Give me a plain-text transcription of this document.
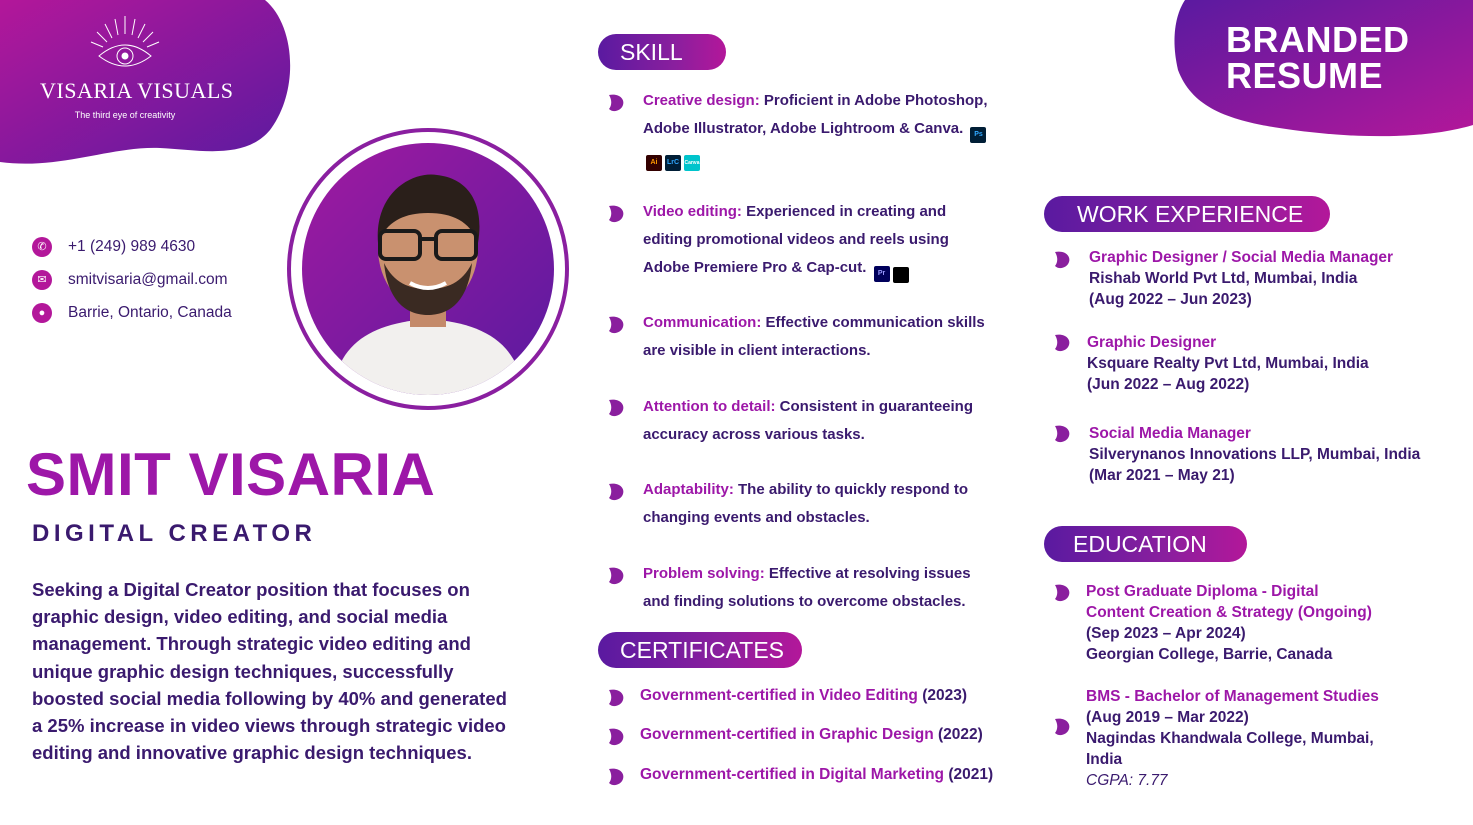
VISARIA VISUALS
The third eye of creativity
BRANDED
RESUME
✆	+1 (249) 989 4630
✉	smitvisaria@gmail.com
●	Barrie, Ontario, Canada
SMIT VISARIA
DIGITAL CREATOR
Seeking a Digital Creator position that focuses on graphic design, video editing, and social media management. Through strategic video editing and unique graphic design techniques, successfully boosted social media following by 40% and generated a 25% increase in video views through strategic video editing and innovative graphic design techniques.
SKILL
Creative design: Proficient in Adobe Photoshop, Adobe Illustrator, Adobe Lightroom & Canva. PsAi LrC Canva
Video editing: Experienced in creating and editing promotional videos and reels using Adobe Premiere Pro & Cap-cut. Pr
Communication: Effective communication skills are visible in client interactions.
Attention to detail: Consistent in guaranteeing accuracy across various tasks.
Adaptability: The ability to quickly respond to changing events and obstacles.
Problem solving: Effective at resolving issues and finding solutions to overcome obstacles.
CERTIFICATES
Government-certified in Video Editing (2023)
Government-certified in Graphic Design (2022)
Government-certified in Digital Marketing (2021)
WORK EXPERIENCE
Graphic Designer / Social Media Manager
Rishab World Pvt Ltd, Mumbai, India
(Aug 2022 – Jun 2023)
Graphic Designer
Ksquare Realty Pvt Ltd, Mumbai, India
(Jun 2022 – Aug 2022)
Social Media Manager
Silverynanos Innovations LLP, Mumbai, India
(Mar 2021 – May 21)
EDUCATION
Post Graduate Diploma - Digital
Content Creation & Strategy (Ongoing)
(Sep 2023 – Apr 2024)
Georgian College, Barrie, Canada
BMS - Bachelor of Management Studies
(Aug 2019 – Mar 2022)
Nagindas Khandwala College, Mumbai,
India
CGPA: 7.77
